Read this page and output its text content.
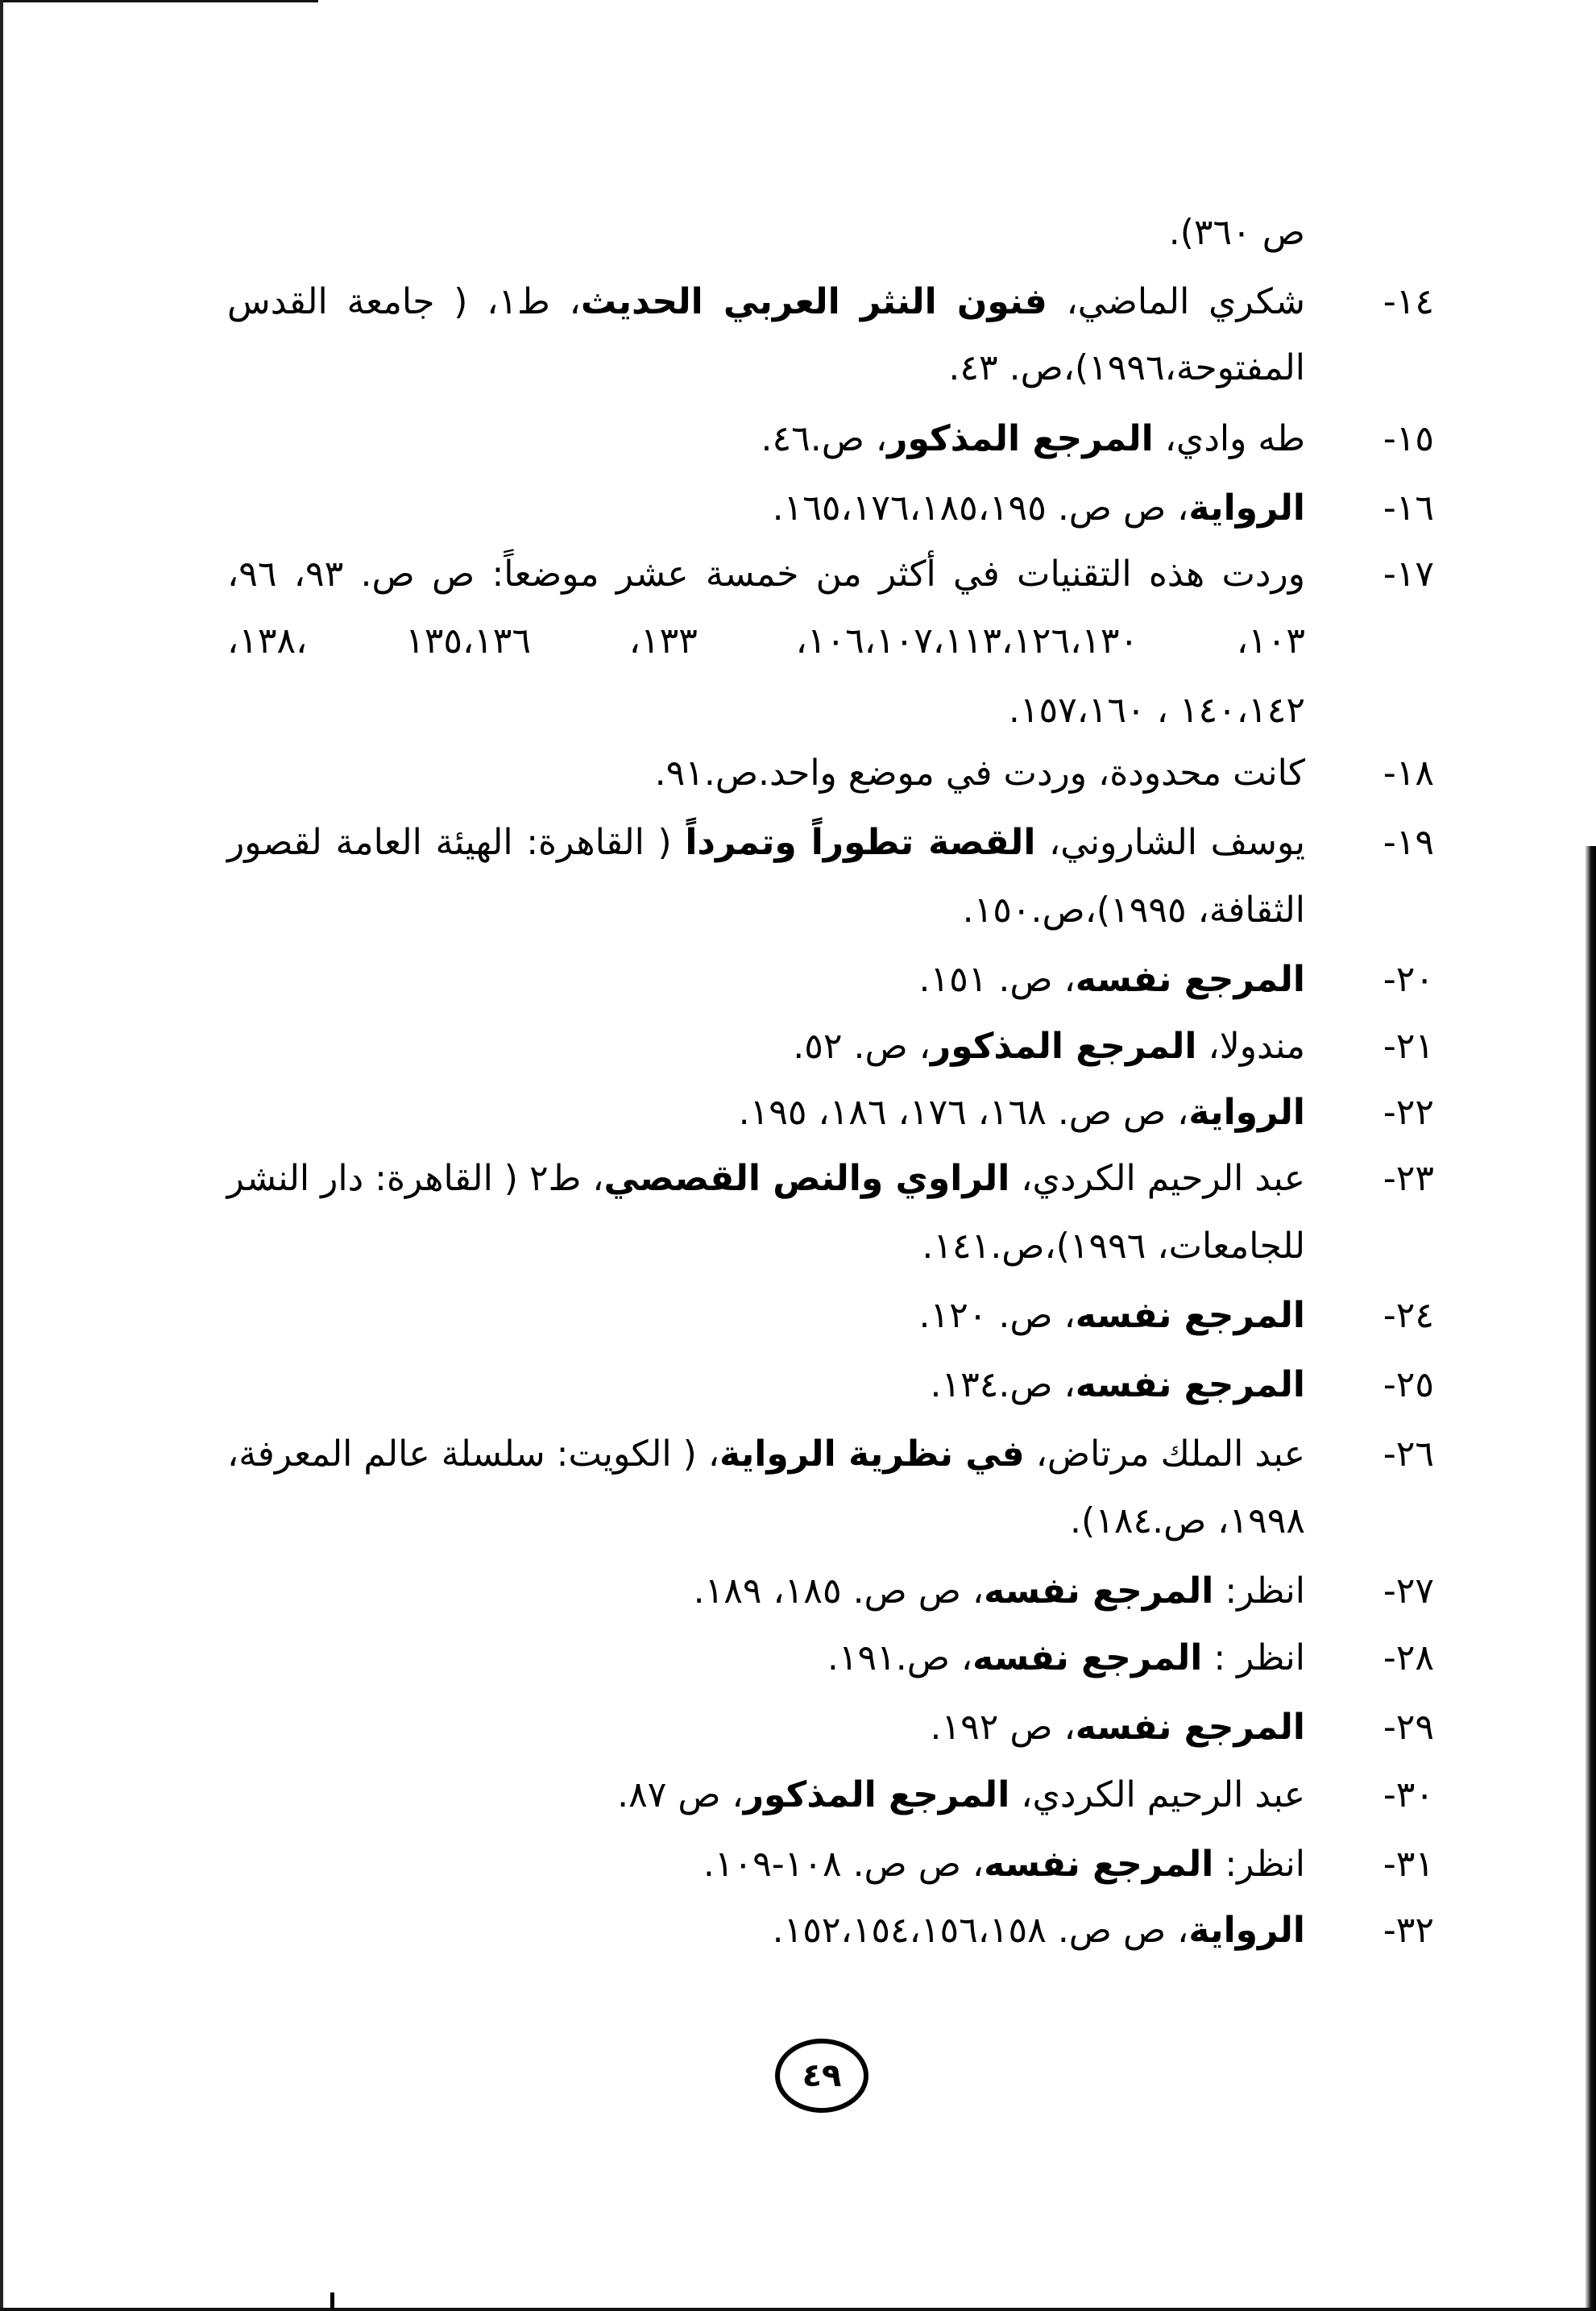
ص ٣٦٠).
١٤-
شكري الماضي، فنون النثر العربي الحديث، ط١، ( جامعة القدس
المفتوحة،١٩٩٦)،ص. ٤٣.
١٥-
طه وادي، المرجع المذكور، ص.٤٦.
١٦-
الرواية، ص ص. ١٦٥،١٧٦،١٨٥،١٩٥.
١٧-
وردت هذه التقنيات في أكثر من خمسة عشر موضعاً: ص ص. ٩٣، ٩٦،
١٠٣، ١٠٦،١٠٧،١١٣،١٢٦،١٣٠، ١٣٣، ١٣٥،١٣٦ ،١٣٨،
١٤٠،١٤٢ ، ١٥٧،١٦٠.
١٨-
كانت محدودة، وردت في موضع واحد.ص.٩١.
١٩-
يوسف الشاروني، القصة تطوراً وتمرداً ( القاهرة: الهيئة العامة لقصور
الثقافة، ١٩٩٥)،ص.١٥٠.
٢٠-
المرجع نفسه، ص. ١٥١.
٢١-
مندولا، المرجع المذكور، ص. ٥٢.
٢٢-
الرواية، ص ص. ١٦٨، ١٧٦، ١٨٦، ١٩٥.
٢٣-
عبد الرحيم الكردي، الراوي والنص القصصي، ط٢ ( القاهرة: دار النشر
للجامعات، ١٩٩٦)،ص.١٤١.
٢٤-
المرجع نفسه، ص. ١٢٠.
٢٥-
المرجع نفسه، ص.١٣٤.
٢٦-
عبد الملك مرتاض، في نظرية الرواية، ( الكويت: سلسلة عالم المعرفة،
١٩٩٨، ص.١٨٤).
٢٧-
انظر: المرجع نفسه، ص ص. ١٨٥، ١٨٩.
٢٨-
انظر : المرجع نفسه، ص.١٩١.
٢٩-
المرجع نفسه، ص ١٩٢.
٣٠-
عبد الرحيم الكردي، المرجع المذكور، ص ٨٧.
٣١-
انظر: المرجع نفسه، ص ص. ١٠٨-١٠٩.
٣٢-
الرواية، ص ص. ١٥٢،١٥٤،١٥٦،١٥٨.
٤٩
